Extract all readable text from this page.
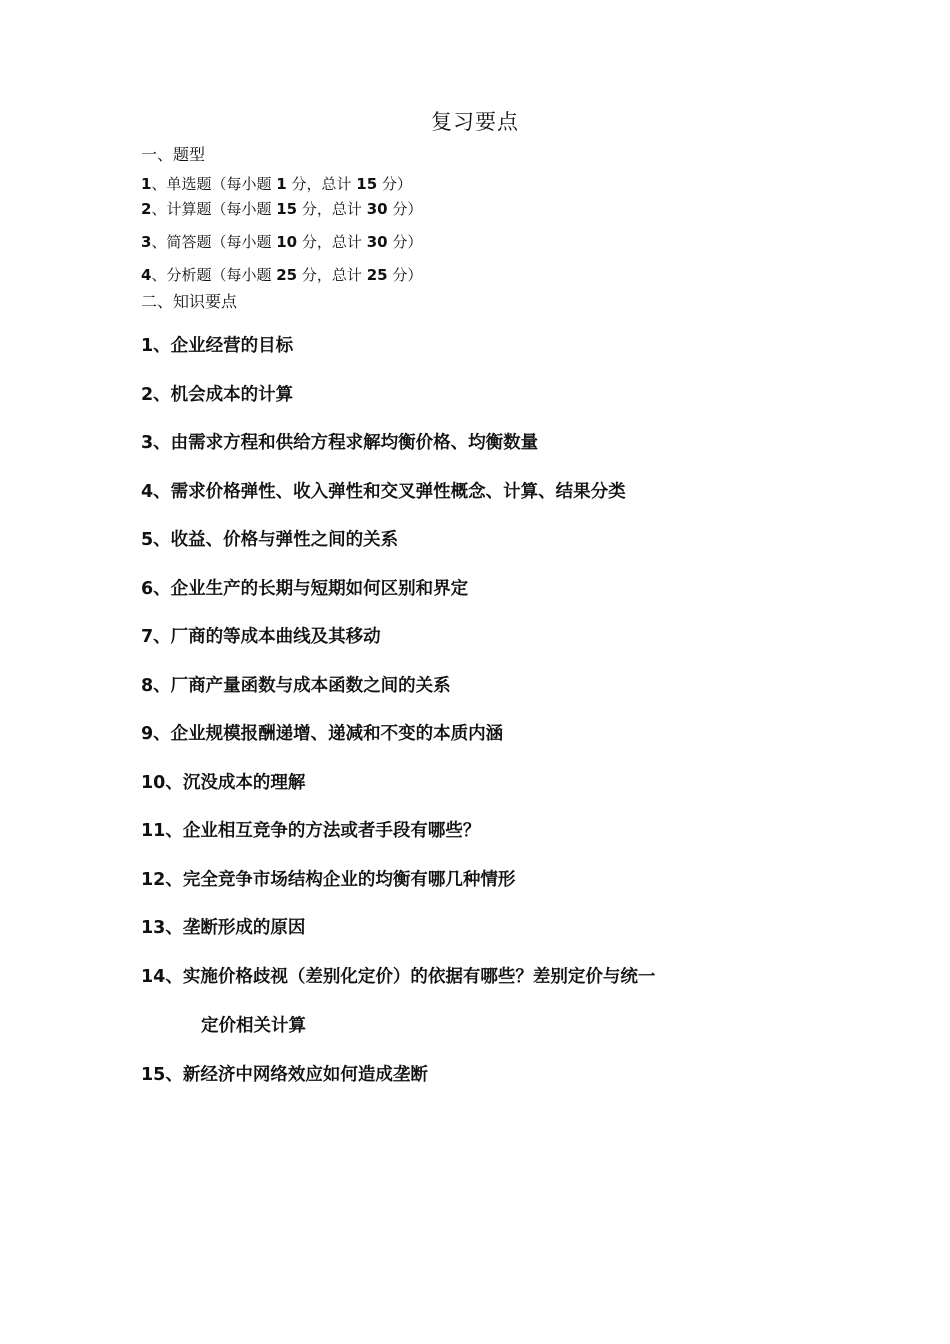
复习要点
一、题型
1、单选题（每小题 1 分，总计 15 分）
2、计算题（每小题 15 分，总计 30 分）
3、简答题（每小题 10 分，总计 30 分）
4、分析题（每小题 25 分，总计 25 分）
二、知识要点
1、企业经营的目标
2、机会成本的计算
3、由需求方程和供给方程求解均衡价格、均衡数量
4、需求价格弹性、收入弹性和交叉弹性概念、计算、结果分类
5、收益、价格与弹性之间的关系
6、企业生产的长期与短期如何区别和界定
7、厂商的等成本曲线及其移动
8、厂商产量函数与成本函数之间的关系
9、企业规模报酬递增、递减和不变的本质内涵
10、沉没成本的理解
11、企业相互竞争的方法或者手段有哪些？
12、完全竞争市场结构企业的均衡有哪几种情形
13、垄断形成的原因
14、实施价格歧视（差别化定价）的依据有哪些？差别定价与统一
定价相关计算
15、新经济中网络效应如何造成垄断
